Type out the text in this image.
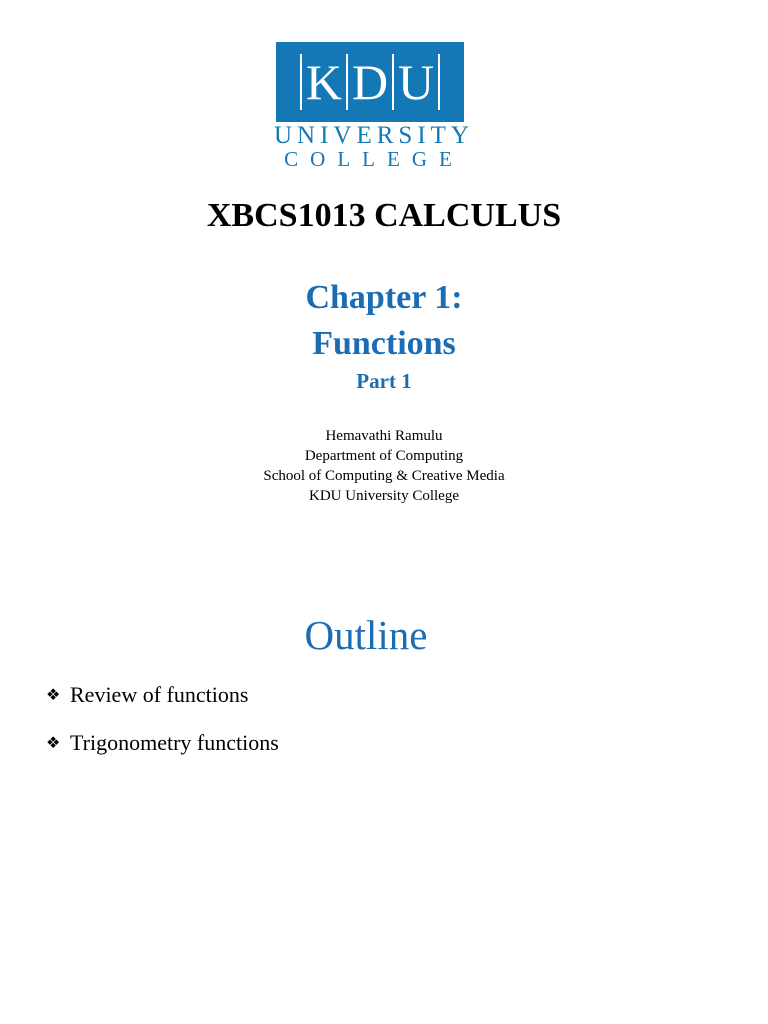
K D U
UNIVERSITY
COLLEGE
XBCS1013 CALCULUS
Chapter 1:
Functions
Part 1
Hemavathi Ramulu
Department of Computing
School of Computing & Creative Media
KDU University College
Outline
❖ Review of functions
❖ Trigonometry functions
